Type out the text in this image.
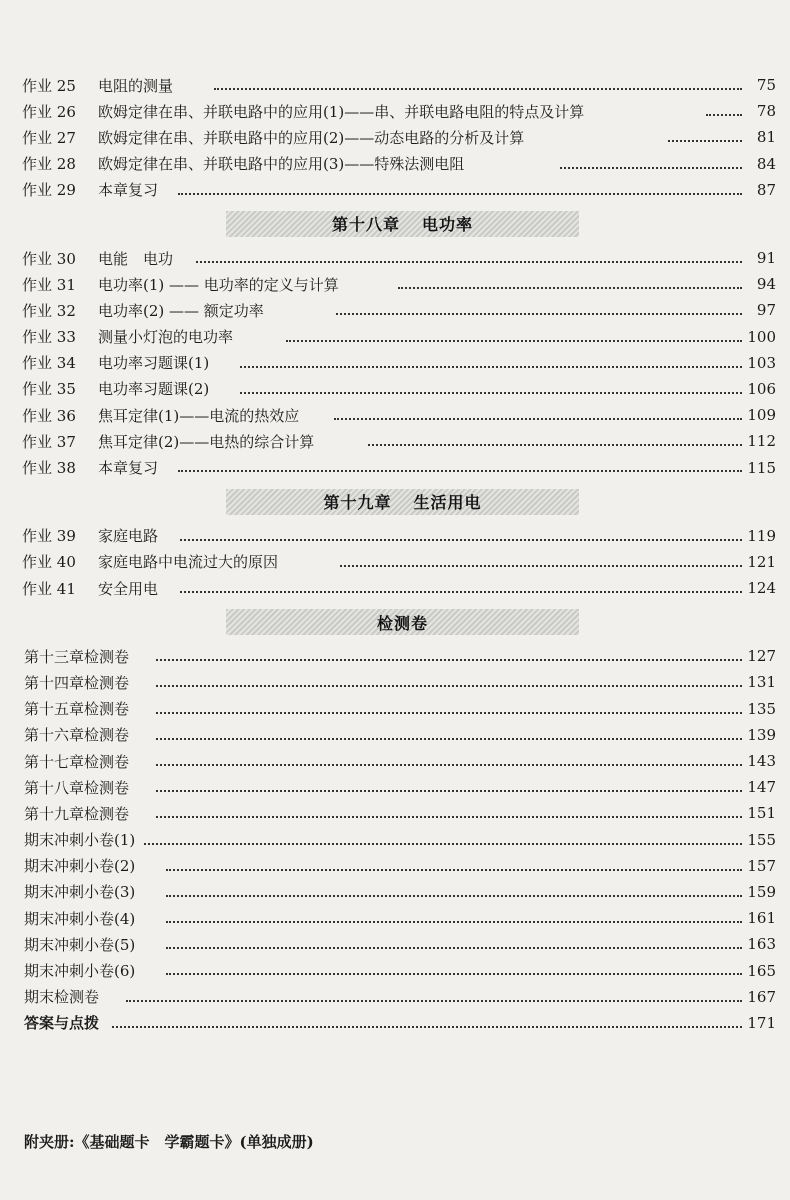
作业 25	电阻的测量	75
作业 26	欧姆定律在串、并联电路中的应用(1)——串、并联电路电阻的特点及计算	78
作业 27	欧姆定律在串、并联电路中的应用(2)——动态电路的分析及计算	81
作业 28	欧姆定律在串、并联电路中的应用(3)——特殊法测电阻	84
作业 29	本章复习	87
第十八章 电功率
作业 30	电能　电功	91
作业 31	电功率(1) —— 电功率的定义与计算	94
作业 32	电功率(2) —— 额定功率	97
作业 33	测量小灯泡的电功率	100
作业 34	电功率习题课(1)	103
作业 35	电功率习题课(2)	106
作业 36	焦耳定律(1)——电流的热效应	109
作业 37	焦耳定律(2)——电热的综合计算	112
作业 38	本章复习	115
第十九章 生活用电
作业 39	家庭电路	119
作业 40	家庭电路中电流过大的原因	121
作业 41	安全用电	124
检测卷
第十三章检测卷	127
第十四章检测卷	131
第十五章检测卷	135
第十六章检测卷	139
第十七章检测卷	143
第十八章检测卷	147
第十九章检测卷	151
期末冲刺小卷(1)	155
期末冲刺小卷(2)	157
期末冲刺小卷(3)	159
期末冲刺小卷(4)	161
期末冲刺小卷(5)	163
期末冲刺小卷(6)	165
期末检测卷	167
答案与点拨	171
附夹册:《基础题卡　学霸题卡》(单独成册)
